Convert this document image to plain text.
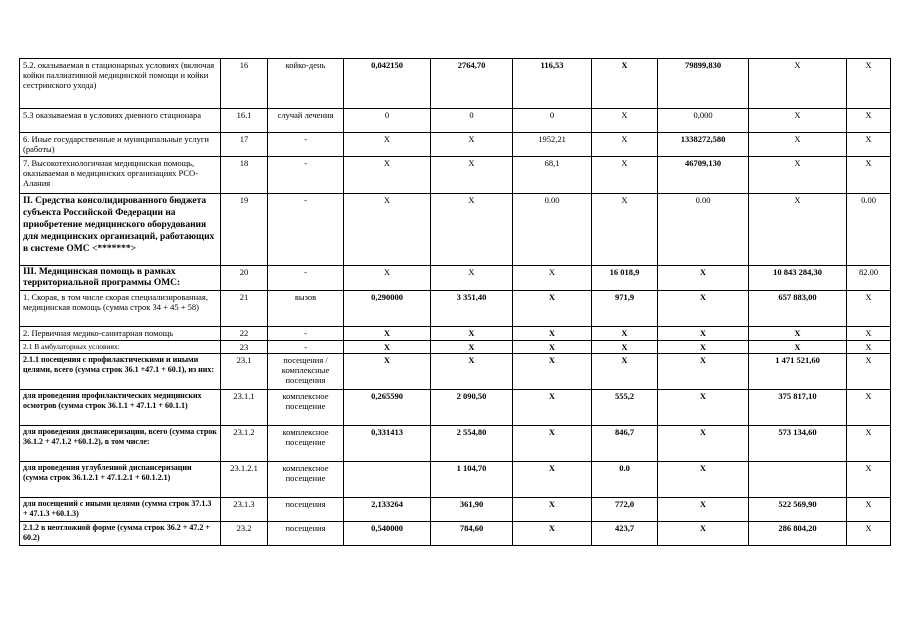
5.2. оказываемая в стационарных условиях (включая койки паллиативной медицинской помощи и койки сестринского ухода)	16	койко-день	0,042150	2764,70	116,53	Х	79899,830	Х	Х
5.3 оказываемая в условиях дневного стационара	16.1	случай лечения	0	0	0	Х	0,000	Х	Х
6. Иные государственные и муниципальные услуги (работы)	17	-	Х	Х	1952,21	Х	1338272,580	Х	Х
7. Высокотехнологичная медицинская помощь, оказываемая в медицинских организациях РСО-Алания	18	-	Х	Х	68,1	Х	46709,130	Х	Х
II. Средства консолидированного бюджета субъекта Российской Федерации на приобретение медицинского оборудования для медицинских организаций, работающих в системе ОМС <*******>	19	-	Х	Х	0.00	Х	0.00	Х	0.00
III. Медицинская помощь в рамках территориальной программы ОМС:	20	-	Х	Х	Х	16 018,9	Х	10 843 284,30	82.00
1. Скорая, в том числе скорая специализированная, медицинская помощь (сумма строк 34 + 45 + 58)	21	вызов	0,290000	3 351,40	Х	971,9	Х	657 883,00	Х
2. Первичная медико-санитарная помощь	22	-	Х	Х	Х	Х	Х	Х	Х
2.1 В амбулаторных условиях:	23	-	Х	Х	Х	Х	Х	Х	Х
2.1.1 посещения с профилактическими и иными целями, всего (сумма строк 36.1 +47.1 + 60.1), из них:	23.1	посещения / комплексные посещения	Х	Х	Х	Х	Х	1 471 521,60	Х
для проведения профилактических медицинских осмотров (сумма строк 36.1.1 + 47.1.1 + 60.1.1)	23.1.1	комплексное посещение	0,265590	2 090,50	Х	555,2	Х	375 817,10	Х
для проведения диспансеризации, всего (сумма строк 36.1.2 + 47.1.2 +60.1.2), в том числе:	23.1.2	комплексное посещение	0,331413	2 554,80	Х	846,7	Х	573 134,60	Х
для проведения углубленной диспансеризации (сумма строк 36.1.2.1 + 47.1.2.1 + 60.1.2.1)	23.1.2.1	комплексное посещение		1 104,70	Х	0.0	Х		Х
для посещений с иными целями (сумма строк 37.1.3 + 47.1.3 +60.1.3)	23.1.3	посещения	2,133264	361,90	Х	772,0	Х	522 569,90	Х
2.1.2 в неотложной форме (сумма строк 36.2 + 47.2 + 60.2)	23.2	посещения	0,540000	784,60	Х	423,7	Х	286 804,20	Х
